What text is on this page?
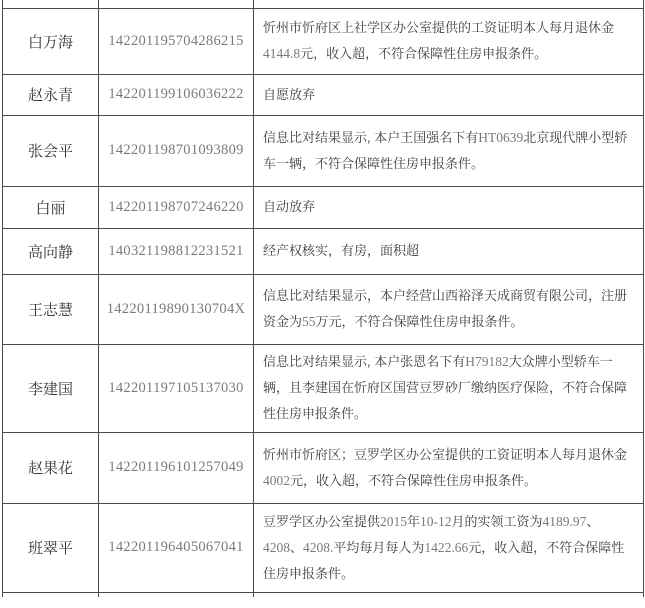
白万海	142201195704286215	忻州市忻府区上社学区办公室提供的工资证明本人每月退休金4144.8元，收入超，不符合保障性住房申报条件。
赵永青	142201199106036222	自愿放弃
张会平	142201198701093809	信息比对结果显示, 本户王国强名下有HT0639北京现代牌小型轿车一辆，不符合保障性住房申报条件。
白丽	142201198707246220	自动放弃
高向静	140321198812231521	经产权核实，有房，面积超
王志慧	14220119890130704X	信息比对结果显示，本户经营山西裕泽天成商贸有限公司，注册资金为55万元，不符合保障性住房申报条件。
李建国	142201197105137030	信息比对结果显示, 本户张恩名下有H79182大众牌小型轿车一辆，且李建国在忻府区国营豆罗砂厂缴纳医疗保险，不符合保障性住房申报条件。
赵果花	142201196101257049	忻州市忻府区；豆罗学区办公室提供的工资证明本人每月退休金4002元，收入超，不符合保障性住房申报条件。
班翠平	142201196405067041	豆罗学区办公室提供2015年10-12月的实领工资为4189.97、4208、4208.平均每月每人为1422.66元，收入超，不符合保障性住房申报条件。
